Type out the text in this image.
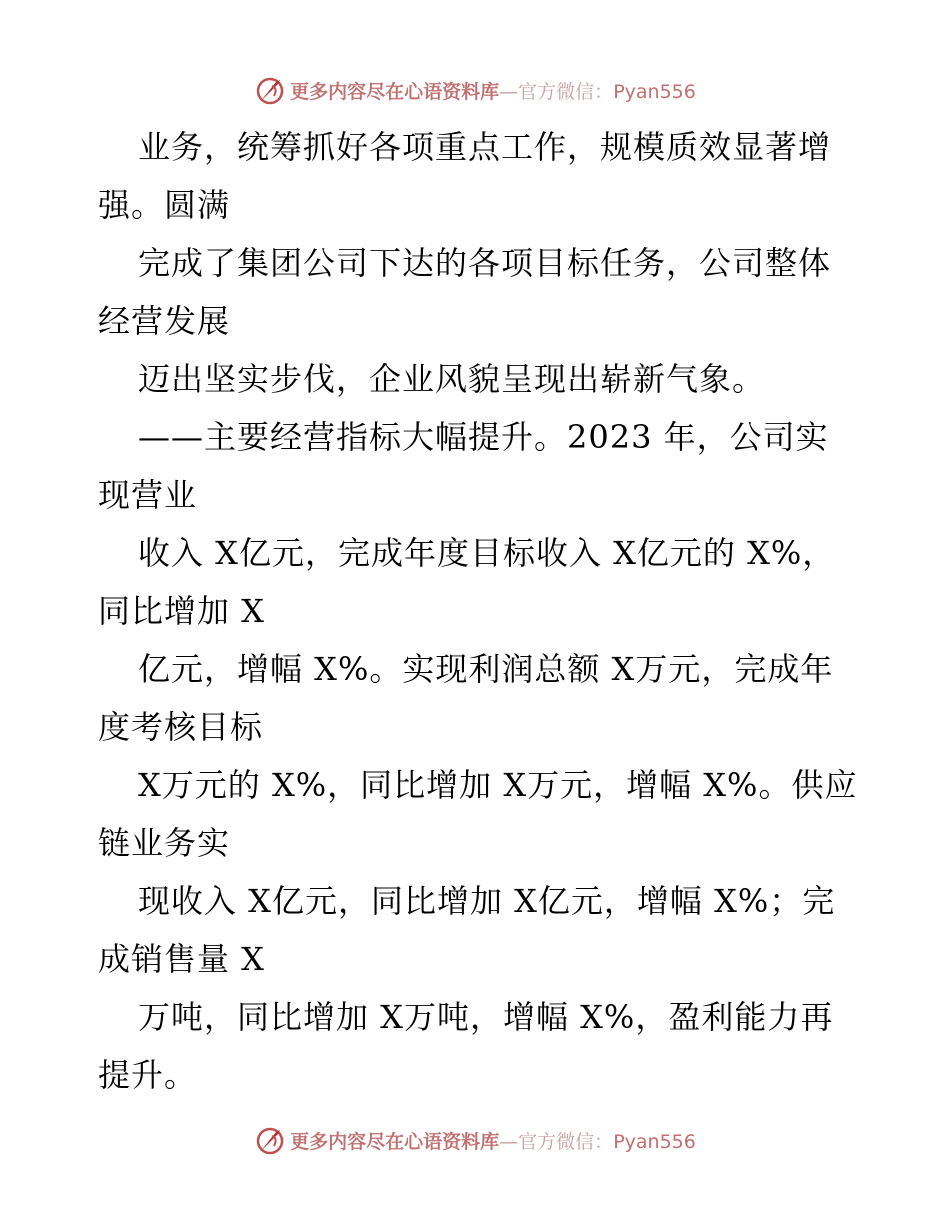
更多内容尽在心语资料库—官方微信：Pyan556
业务，统筹抓好各项重点工作，规模质效显著增
强。圆满
完成了集团公司下达的各项目标任务，公司整体
经营发展
迈出坚实步伐，企业风貌呈现出崭新气象。
——主要经营指标大幅提升。2023 年，公司实
现营业
收入 X亿元，完成年度目标收入 X亿元的 X%，
同比增加 X
亿元，增幅 X%。实现利润总额 X万元，完成年
度考核目标
X万元的 X%，同比增加 X万元，增幅 X%。供应
链业务实
现收入 X亿元，同比增加 X亿元，增幅 X%；完
成销售量 X
万吨，同比增加 X万吨，增幅 X%，盈利能力再
提升。
更多内容尽在心语资料库—官方微信：Pyan556
